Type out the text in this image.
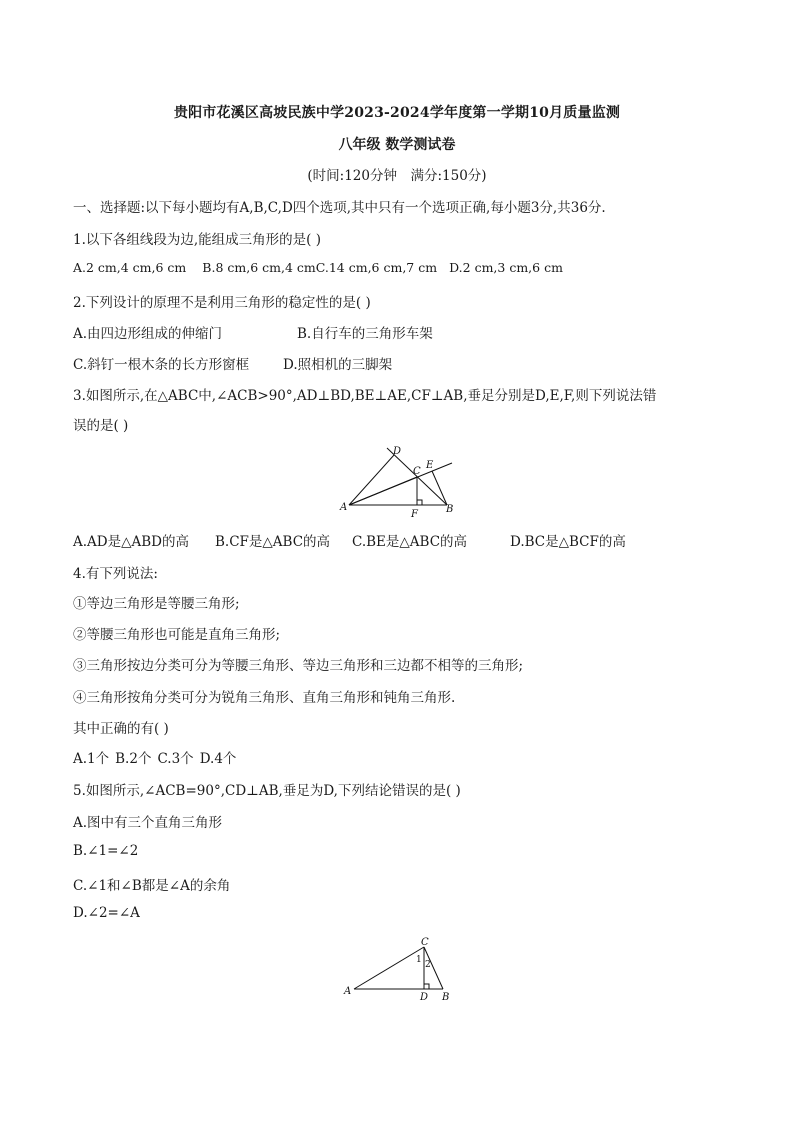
贵阳市花溪区高坡民族中学2023-2024学年度第一学期10月质量监测
八年级 数学测试卷
(时间:120分钟　满分:150分)
一、选择题:以下每小题均有A,B,C,D四个选项,其中只有一个选项正确,每小题3分,共36分.
1.以下各组线段为边,能组成三角形的是( )
A.2 cm,4 cm,6 cm B.8 cm,6 cm,4 cmC.14 cm,6 cm,7 cm D.2 cm,3 cm,6 cm
2.下列设计的原理不是利用三角形的稳定性的是( )
A.由四边形组成的伸缩门	B.自行车的三角形车架
C.斜钉一根木条的长方形窗框	D.照相机的三脚架
3.如图所示,在△ABC中,∠ACB>90°,AD⊥BD,BE⊥AE,CF⊥AB,垂足分别是D,E,F,则下列说法错
误的是( )
D
E
C
A	B
F
A.AD是△ABD的高 B.CF是△ABC的高 C.BE是△ABC的高	D.BC是△BCF的高
4.有下列说法:
①等边三角形是等腰三角形;
②等腰三角形也可能是直角三角形;
③三角形按边分类可分为等腰三角形、等边三角形和三边都不相等的三角形;
④三角形按角分类可分为锐角三角形、直角三角形和钝角三角形.
其中正确的有( )
A.1个 B.2个 C.3个 D.4个
5.如图所示,∠ACB=90°,CD⊥AB,垂足为D,下列结论错误的是( )
A.图中有三个直角三角形
B.∠1=∠2
C.∠1和∠B都是∠A的余角
D.∠2=∠A
C
1 2
A
D B
